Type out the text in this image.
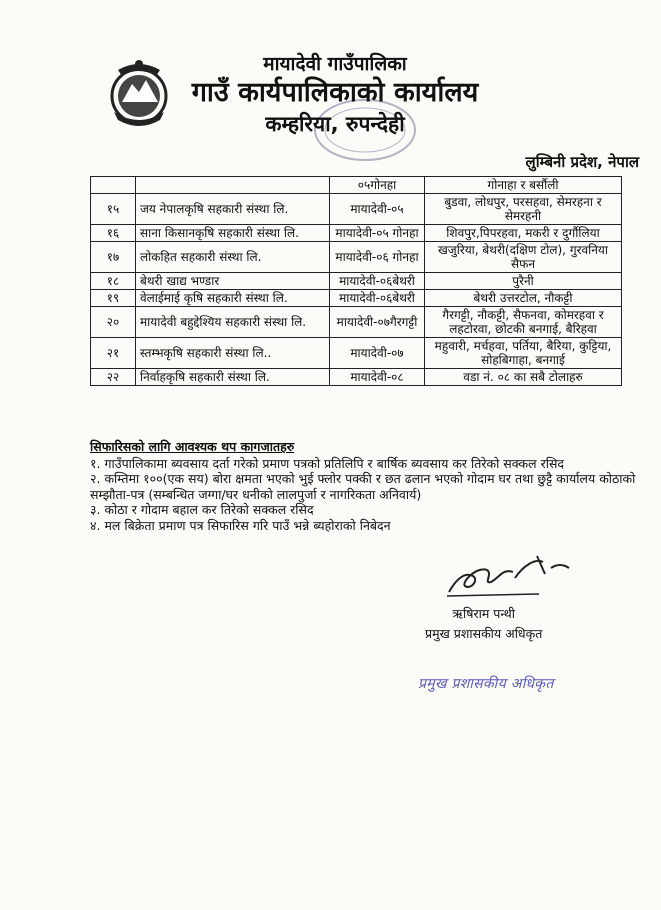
मायादेवी गाउँपालिका
गाउँ कार्यपालिकाको कार्यालय
कम्हरिया, रुपन्देही
लुम्बिनी प्रदेश, नेपाल
		०५गोनहा	गोनाहा र बर्सौली
१५	जय नेपालकृषि सहकारी संस्था लि.	मायादेवी-०५	बुडवा, लोधपुर, परसहवा, सेमरहना र सेमरहनी
१६	साना किसानकृषि सहकारी संस्था लि.	मायादेवी-०५ गोनहा	शिवपुर,पिपरहवा, मकरी र दुर्गौलिया
१७	लोकहित सहकारी संस्था लि.	मायादेवी-०६ गोनहा	खजुरिया, बेथरी(दक्षिण टोल), गुरवनिया सैफन
१८	बेथरी खाद्य भण्डार	मायादेवी-०६बेथरी	पुरैनी
१९	वेलाईमाई कृषि सहकारी संस्था लि.	मायादेवी-०६बेथरी	बेथरी उत्तरटोल, नौकट्टी
२०	मायादेवी बहुद्देश्यिय सहकारी संस्था लि.	मायादेवी-०७गैरगट्टी	गैरगट्टी, नौकट्टी, सैफनवा, कोमरहवा र लहटोरवा, छोटकी बनगाई, बैरिहवा
२१	स्तम्भकृषि सहकारी संस्था लि..	मायादेवी-०७	महुवारी, मर्चहवा, पर्तिया, बैरिया, कुट्टिया, सोहबिगाहा, बनगाई
२२	निर्वाहकृषि सहकारी संस्था लि.	मायादेवी-०८	वडा नं. ०८ का सबै टोलाहरु
सिफारिसको लागि आवश्यक थप कागजातहरु

१. गाउँपालिकामा ब्यवसाय दर्ता गरेको प्रमाण पत्रको प्रतिलिपि र बार्षिक ब्यवसाय कर तिरेको सक्कल रसिद

२. कम्तिमा १००(एक सय) बोरा क्षमता भएको भुई फ्लोर पक्की र छत ढलान भएको गोदाम घर तथा छुट्टै कार्यालय कोठाको सम्झौता-पत्र (सम्बन्धित जग्गा/घर धनीको लालपुर्जा र नागरिकता अनिवार्य)

३. कोठा र गोदाम बहाल कर तिरेको सक्कल रसिद

४. मल बिक्रेता प्रमाण पत्र सिफारिस गरि पाउँ भन्ने ब्यहोराको निबेदन

ऋषिराम पन्थी
प्रमुख प्रशासकीय अधिकृत
प्रमुख प्रशासकीय अधिकृत
